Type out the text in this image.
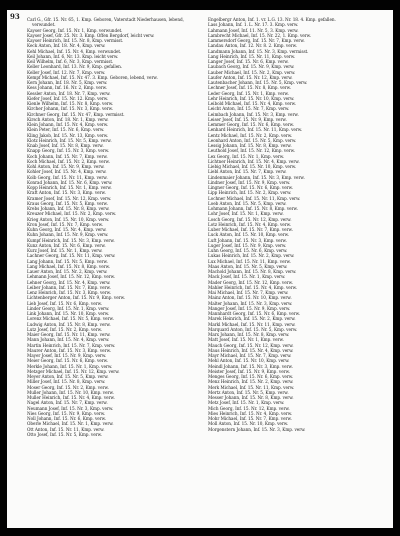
93 Carl G., Gfr. 15. Nr. 65, 1. Kmp. Geboren, Vaterstadt Niederhausen, lebend, verwundet.

Kayser Georg, Inf. 15. Nr. 1, Kmp. verwundet.

Kayser Josef, Gfr. 25. Nr. 3. Kmp. Offen Bergdorf, leicht verw.

Kayser Heinrich, Inf. 15. Nr. 8, Kmp. vermisst.

Keck Anton, Inf. 18. Nr. 4, Kmp. verw.

Kehl Michael, Inf. 15. Nr. 4, Kmp. verwundet.

Keil Johann, Inf. 6, Nr. 13. Kmp. leicht verw.

Keil Wilhelm, Inf. 6, Nr. 3, Kmp. vermisst.

Keller Leonhard, Inf. 13. Nr. 9, Kmp. gefallen.

Keller Josef, Inf. 12. Nr. 7, Kmp. verw.

Kempf Michael, Inf. 15. Nr. 47. 3. Kmp. Geboren, lebend, verw.

Kern Johann, Inf. 18. Nr. 5, Kmp. verw.

Kess Johann, Inf. 16. Nr. 2, Kmp. verw.

Kessler Anton, Inf. 18. Nr. 7, Kmp. verw.

Kiefer Josef, Inf. 15. Nr. 12. Kmp. verw.

Kienle Wilhelm, Inf. 15. Nr. 8, Kmp. verw.

Kircher Johann, Inf. 15. Nr. 3, Kmp. verw.

Kirchner Georg, Inf. 15. Nr. 47, Kmp. vermisst.

Kirsch Anton, Inf. 18. Nr. 1, Kmp. verw.

Klein Johann, Inf. 15. Nr. 4, Kmp. verw.

Klein Peter, Inf. 15. Nr. 6, Kmp. verw.

Kling Jakob, Inf. 15. Nr. 13, Kmp. verw.

Klotz Heinrich, Inf. 15. Nr. 5, Kmp. verw.

Knab Josef, Inf. 15. Nr. 8, Kmp. verw.

Knapp Georg, Inf. 15. Nr. 3, Kmp. verw.

Koch Johann, Inf. 15. Nr. 7, Kmp. verw.

Koch Michael, Inf. 15. Nr. 2, Kmp. verw.

Kohl Anton, Inf. 15. Nr. 9, Kmp. verw.

Kohler Josef, Inf. 15. Nr. 4, Kmp. verw.

Kolb Georg, Inf. 15. Nr. 11, Kmp. verw.

Konrad Johann, Inf. 15. Nr. 6, Kmp. verw.

Kopp Heinrich, Inf. 15. Nr. 1, Kmp. verw.

Kraft Anton, Inf. 15. Nr. 3, Kmp. verw.

Kramer Josef, Inf. 15. Nr. 12, Kmp. verw.

Kraus Georg, Inf. 15. Nr. 5, Kmp. verw.

Krebs Johann, Inf. 15. Nr. 8, Kmp. verw.

Kreuzer Michael, Inf. 15. Nr. 2, Kmp. verw.

Krieg Anton, Inf. 15. Nr. 10, Kmp. verw.

Kron Josef, Inf. 15. Nr. 7, Kmp. verw.

Kuhn Georg, Inf. 15. Nr. 4, Kmp. verw.

Kuhn Johann, Inf. 15. Nr. 9, Kmp. verw.

Kumpf Heinrich, Inf. 15. Nr. 3, Kmp. verw.

Kunz Anton, Inf. 15. Nr. 6, Kmp. verw.

Kurz Josef, Inf. 15. Nr. 1, Kmp. verw.

Lachner Georg, Inf. 15. Nr. 11, Kmp. verw.

Lang Johann, Inf. 15. Nr. 5, Kmp. verw.

Lang Michael, Inf. 15. Nr. 8, Kmp. verw.

Lauer Anton, Inf. 15. Nr. 2, Kmp. verw.

Lehmann Josef, Inf. 15. Nr. 12, Kmp. verw.

Lehner Georg, Inf. 15. Nr. 4, Kmp. verw.

Leiber Johann, Inf. 15. Nr. 7, Kmp. verw.

Lenz Heinrich, Inf. 15. Nr. 3, Kmp. verw.

Lichtenberger Anton, Inf. 15. Nr. 9, Kmp. verw.

Lieb Josef, Inf. 15. Nr. 6, Kmp. verw.

Linder Georg, Inf. 15. Nr. 1, Kmp. verw.

Link Johann, Inf. 15. Nr. 10, Kmp. verw.

Lorenz Michael, Inf. 15. Nr. 5, Kmp. verw.

Ludwig Anton, Inf. 15. Nr. 8, Kmp. verw.

Lutz Josef, Inf. 15. Nr. 2, Kmp. verw.

Maier Georg, Inf. 15. Nr. 11, Kmp. verw.

Mann Johann, Inf. 15. Nr. 4, Kmp. verw.

Martin Heinrich, Inf. 15. Nr. 7, Kmp. verw.

Maurer Anton, Inf. 15. Nr. 3, Kmp. verw.

Mayer Josef, Inf. 15. Nr. 9, Kmp. verw.

Meier Georg, Inf. 15. Nr. 6, Kmp. verw.

Merkle Johann, Inf. 15. Nr. 1, Kmp. verw.

Metzger Michael, Inf. 15. Nr. 12, Kmp. verw.

Meyer Anton, Inf. 15. Nr. 5, Kmp. verw.

Miller Josef, Inf. 15. Nr. 8, Kmp. verw.

Moser Georg, Inf. 15. Nr. 2, Kmp. verw.

Muller Johann, Inf. 15. Nr. 10, Kmp. verw.

Muller Heinrich, Inf. 15. Nr. 4, Kmp. verw.

Nagel Anton, Inf. 15. Nr. 7, Kmp. verw.

Neumann Josef, Inf. 15. Nr. 3, Kmp. verw.

Nies Georg, Inf. 15. Nr. 9, Kmp. verw.

Noll Johann, Inf. 15. Nr. 6, Kmp. verw.

Oberle Michael, Inf. 15. Nr. 1, Kmp. verw.

Ott Anton, Inf. 15. Nr. 11, Kmp. verw.

Otto Josef, Inf. 15. Nr. 5, Kmp. verw.

Engelbergr Anton, Inf. 1. vr. L.G. 13. Nr. 18. 4. Kmp. gefallen.

Lass Johann, Inf. 1. L. Nr. 17. 3. Kmp. verw.

Lahmann Josef, Inf. 11. Nr. 5, 3. Kmp. verw.

Lambrecht Michael, Inf. 15. Nr. 22, 1. Kmp. verw.

Lammersdorf Georg, Inf. 15. Nr. 7, Kmp. verw.

Landau Anton, Inf. 12. Nr. 8. 2. Kmp. verw.

Landmann Johann, Inf. 15. Nr. 3, Kmp. vermisst.

Lang Heinrich, Inf. 15. Nr. 11, Kmp. verw.

Langer Josef, Inf. 15. Nr. 6, Kmp. verw.

Laubach Georg, Inf. 15. Nr. 9, Kmp. verw.

Lauber Michael, Inf. 15. Nr. 2, Kmp. verw.

Laufer Anton, Inf. 15. Nr. 12, Kmp. verw.

Lautenbacher Johann, Inf. 15. Nr. 5, Kmp. verw.

Lechner Josef, Inf. 15. Nr. 8, Kmp. verw.

Leder Georg, Inf. 15. Nr. 1, Kmp. verw.

Lehr Heinrich, Inf. 15. Nr. 10, Kmp. verw.

Leibold Michael, Inf. 15. Nr. 4, Kmp. verw.

Leicht Anton, Inf. 15. Nr. 7, Kmp. verw.

Leimbach Johann, Inf. 15. Nr. 3, Kmp. verw.

Leiser Josef, Inf. 15. Nr. 9, Kmp. verw.

Lemmer Georg, Inf. 15. Nr. 6, Kmp. verw.

Lenhard Heinrich, Inf. 15. Nr. 11, Kmp. verw.

Lentz Michael, Inf. 15. Nr. 2, Kmp. verw.

Leonhard Anton, Inf. 15. Nr. 5, Kmp. verw.

Lessig Johann, Inf. 15. Nr. 8, Kmp. verw.

Leuthold Josef, Inf. 15. Nr. 12, Kmp. verw.

Lex Georg, Inf. 15. Nr. 1, Kmp. verw.

Lichtner Heinrich, Inf. 15. Nr. 4, Kmp. verw.

Liebig Michael, Inf. 15. Nr. 10, Kmp. verw.

Liebl Anton, Inf. 15. Nr. 7, Kmp. verw.

Lindenmaier Johann, Inf. 15. Nr. 3, Kmp. verw.

Lindner Josef, Inf. 15. Nr. 9, Kmp. verw.

Lingner Georg, Inf. 15. Nr. 6, Kmp. verw.

Lipp Heinrich, Inf. 15. Nr. 2, Kmp. verw.

Lochner Michael, Inf. 15. Nr. 11, Kmp. verw.

Loeb Anton, Inf. 15. Nr. 5, Kmp. verw.

Lohmann Johann, Inf. 15. Nr. 8, Kmp. verw.

Lohr Josef, Inf. 15. Nr. 1, Kmp. verw.

Losch Georg, Inf. 15. Nr. 12, Kmp. verw.

Lotz Heinrich, Inf. 15. Nr. 4, Kmp. verw.

Luber Michael, Inf. 15. Nr. 7, Kmp. verw.

Luck Anton, Inf. 15. Nr. 10, Kmp. verw.

Luft Johann, Inf. 15. Nr. 3, Kmp. verw.

Luger Josef, Inf. 15. Nr. 9, Kmp. verw.

Luhn Georg, Inf. 15. Nr. 6, Kmp. verw.

Lukas Heinrich, Inf. 15. Nr. 2, Kmp. verw.

Lux Michael, Inf. 15. Nr. 11, Kmp. verw.

Maas Anton, Inf. 15. Nr. 5, Kmp. verw.

Machold Johann, Inf. 15. Nr. 8, Kmp. verw.

Mack Josef, Inf. 15. Nr. 1, Kmp. verw.

Mader Georg, Inf. 15. Nr. 12, Kmp. verw.

Mahler Heinrich, Inf. 15. Nr. 4, Kmp. verw.

Mai Michael, Inf. 15. Nr. 7, Kmp. verw.

Mainz Anton, Inf. 15. Nr. 10, Kmp. verw.

Malter Johann, Inf. 15. Nr. 3, Kmp. verw.

Manger Josef, Inf. 15. Nr. 9, Kmp. verw.

Mannhardt Georg, Inf. 15. Nr. 6, Kmp. verw.

Marek Heinrich, Inf. 15. Nr. 2, Kmp. verw.

Markl Michael, Inf. 15. Nr. 11, Kmp. verw.

Marquard Anton, Inf. 15. Nr. 5, Kmp. verw.

Marx Johann, Inf. 15. Nr. 8, Kmp. verw.

Matt Josef, Inf. 15. Nr. 1, Kmp. verw.

Mauch Georg, Inf. 15. Nr. 12, Kmp. verw.

Maus Heinrich, Inf. 15. Nr. 4, Kmp. verw.

Mayr Michael, Inf. 15. Nr. 7, Kmp. verw.

Mehl Anton, Inf. 15. Nr. 10, Kmp. verw.

Meindl Johann, Inf. 15. Nr. 3, Kmp. verw.

Meister Josef, Inf. 15. Nr. 9, Kmp. verw.

Menges Georg, Inf. 15. Nr. 6, Kmp. verw.

Menz Heinrich, Inf. 15. Nr. 2, Kmp. verw.

Merk Michael, Inf. 15. Nr. 11, Kmp. verw.

Mertz Anton, Inf. 15. Nr. 5, Kmp. verw.

Messer Johann, Inf. 15. Nr. 8, Kmp. verw.

Metz Josef, Inf. 15. Nr. 1, Kmp. verw.

Mich Georg, Inf. 15. Nr. 12, Kmp. verw.

Mies Heinrich, Inf. 15. Nr. 4, Kmp. verw.

Mohr Michael, Inf. 15. Nr. 7, Kmp. verw.

Moll Anton, Inf. 15. Nr. 10, Kmp. verw.

Morgenstern Johann, Inf. 15. Nr. 3, Kmp. verw.
